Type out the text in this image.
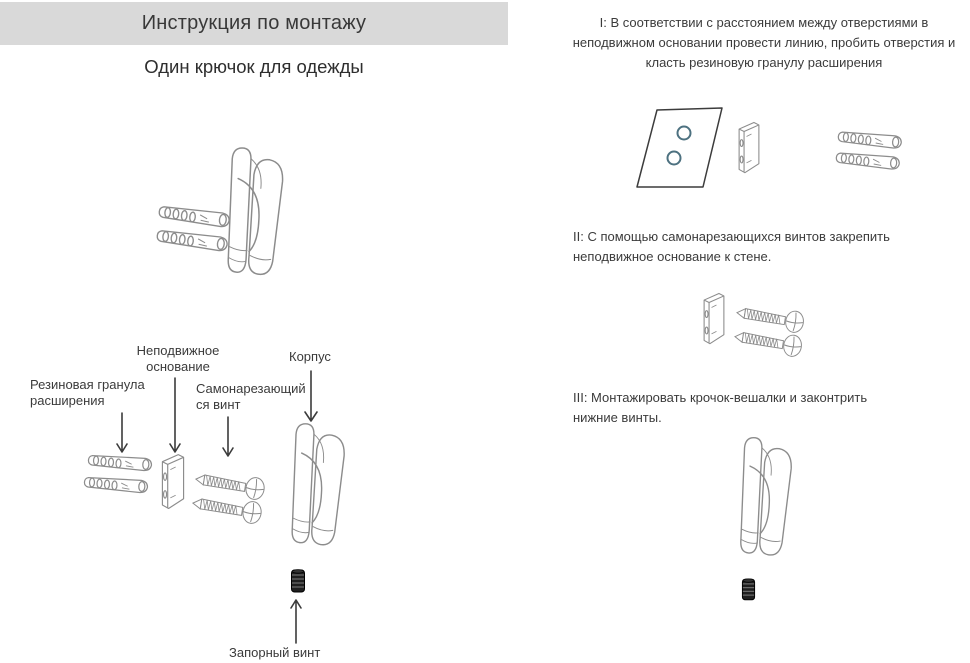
Инструкция по монтажу
Один крючок для одежды
Резиновая гранула
расширения
Неподвижное
основание
Самонарезающий
ся винт
Корпус
Запорный винт
I: В соответствии с расстоянием между отверстиями в неподвижном основании провести линию, пробить отверстия и класть резиновую гранулу расширения
II: С помощью самонарезающихся винтов закрепить неподвижное основание к стене.
III: Монтажировать крочок-вешалки и законтрить нижние винты.
